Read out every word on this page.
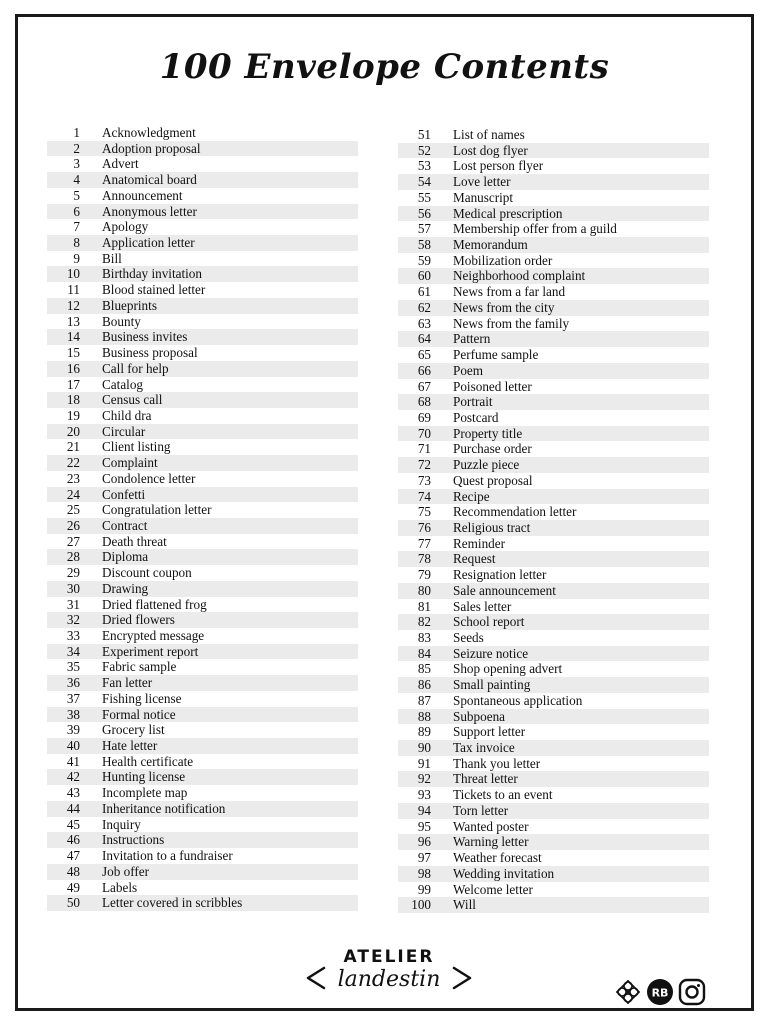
100 Envelope Contents
1	Acknowledgment
2	Adoption proposal
3	Advert
4	Anatomical board
5	Announcement
6	Anonymous letter
7	Apology
8	Application letter
9	Bill
10	Birthday invitation
11	Blood stained letter
12	Blueprints
13	Bounty
14	Business invites
15	Business proposal
16	Call for help
17	Catalog
18	Census call
19	Child dra
20	Circular
21	Client listing
22	Complaint
23	Condolence letter
24	Confetti
25	Congratulation letter
26	Contract
27	Death threat
28	Diploma
29	Discount coupon
30	Drawing
31	Dried flattened frog
32	Dried flowers
33	Encrypted message
34	Experiment report
35	Fabric sample
36	Fan letter
37	Fishing license
38	Formal notice
39	Grocery list
40	Hate letter
41	Health certificate
42	Hunting license
43	Incomplete map
44	Inheritance notification
45	Inquiry
46	Instructions
47	Invitation to a fundraiser
48	Job offer
49	Labels
50	Letter covered in scribbles
51	List of names
52	Lost dog flyer
53	Lost person flyer
54	Love letter
55	Manuscript
56	Medical prescription
57	Membership offer from a guild
58	Memorandum
59	Mobilization order
60	Neighborhood complaint
61	News from a far land
62	News from the city
63	News from the family
64	Pattern
65	Perfume sample
66	Poem
67	Poisoned letter
68	Portrait
69	Postcard
70	Property title
71	Purchase order
72	Puzzle piece
73	Quest proposal
74	Recipe
75	Recommendation letter
76	Religious tract
77	Reminder
78	Request
79	Resignation letter
80	Sale announcement
81	Sales letter
82	School report
83	Seeds
84	Seizure notice
85	Shop opening advert
86	Small painting
87	Spontaneous application
88	Subpoena
89	Support letter
90	Tax invoice
91	Thank you letter
92	Threat letter
93	Tickets to an event
94	Torn letter
95	Wanted poster
96	Warning letter
97	Weather forecast
98	Wedding invitation
99	Welcome letter
100	Will
ATELIER
landestin
RB
